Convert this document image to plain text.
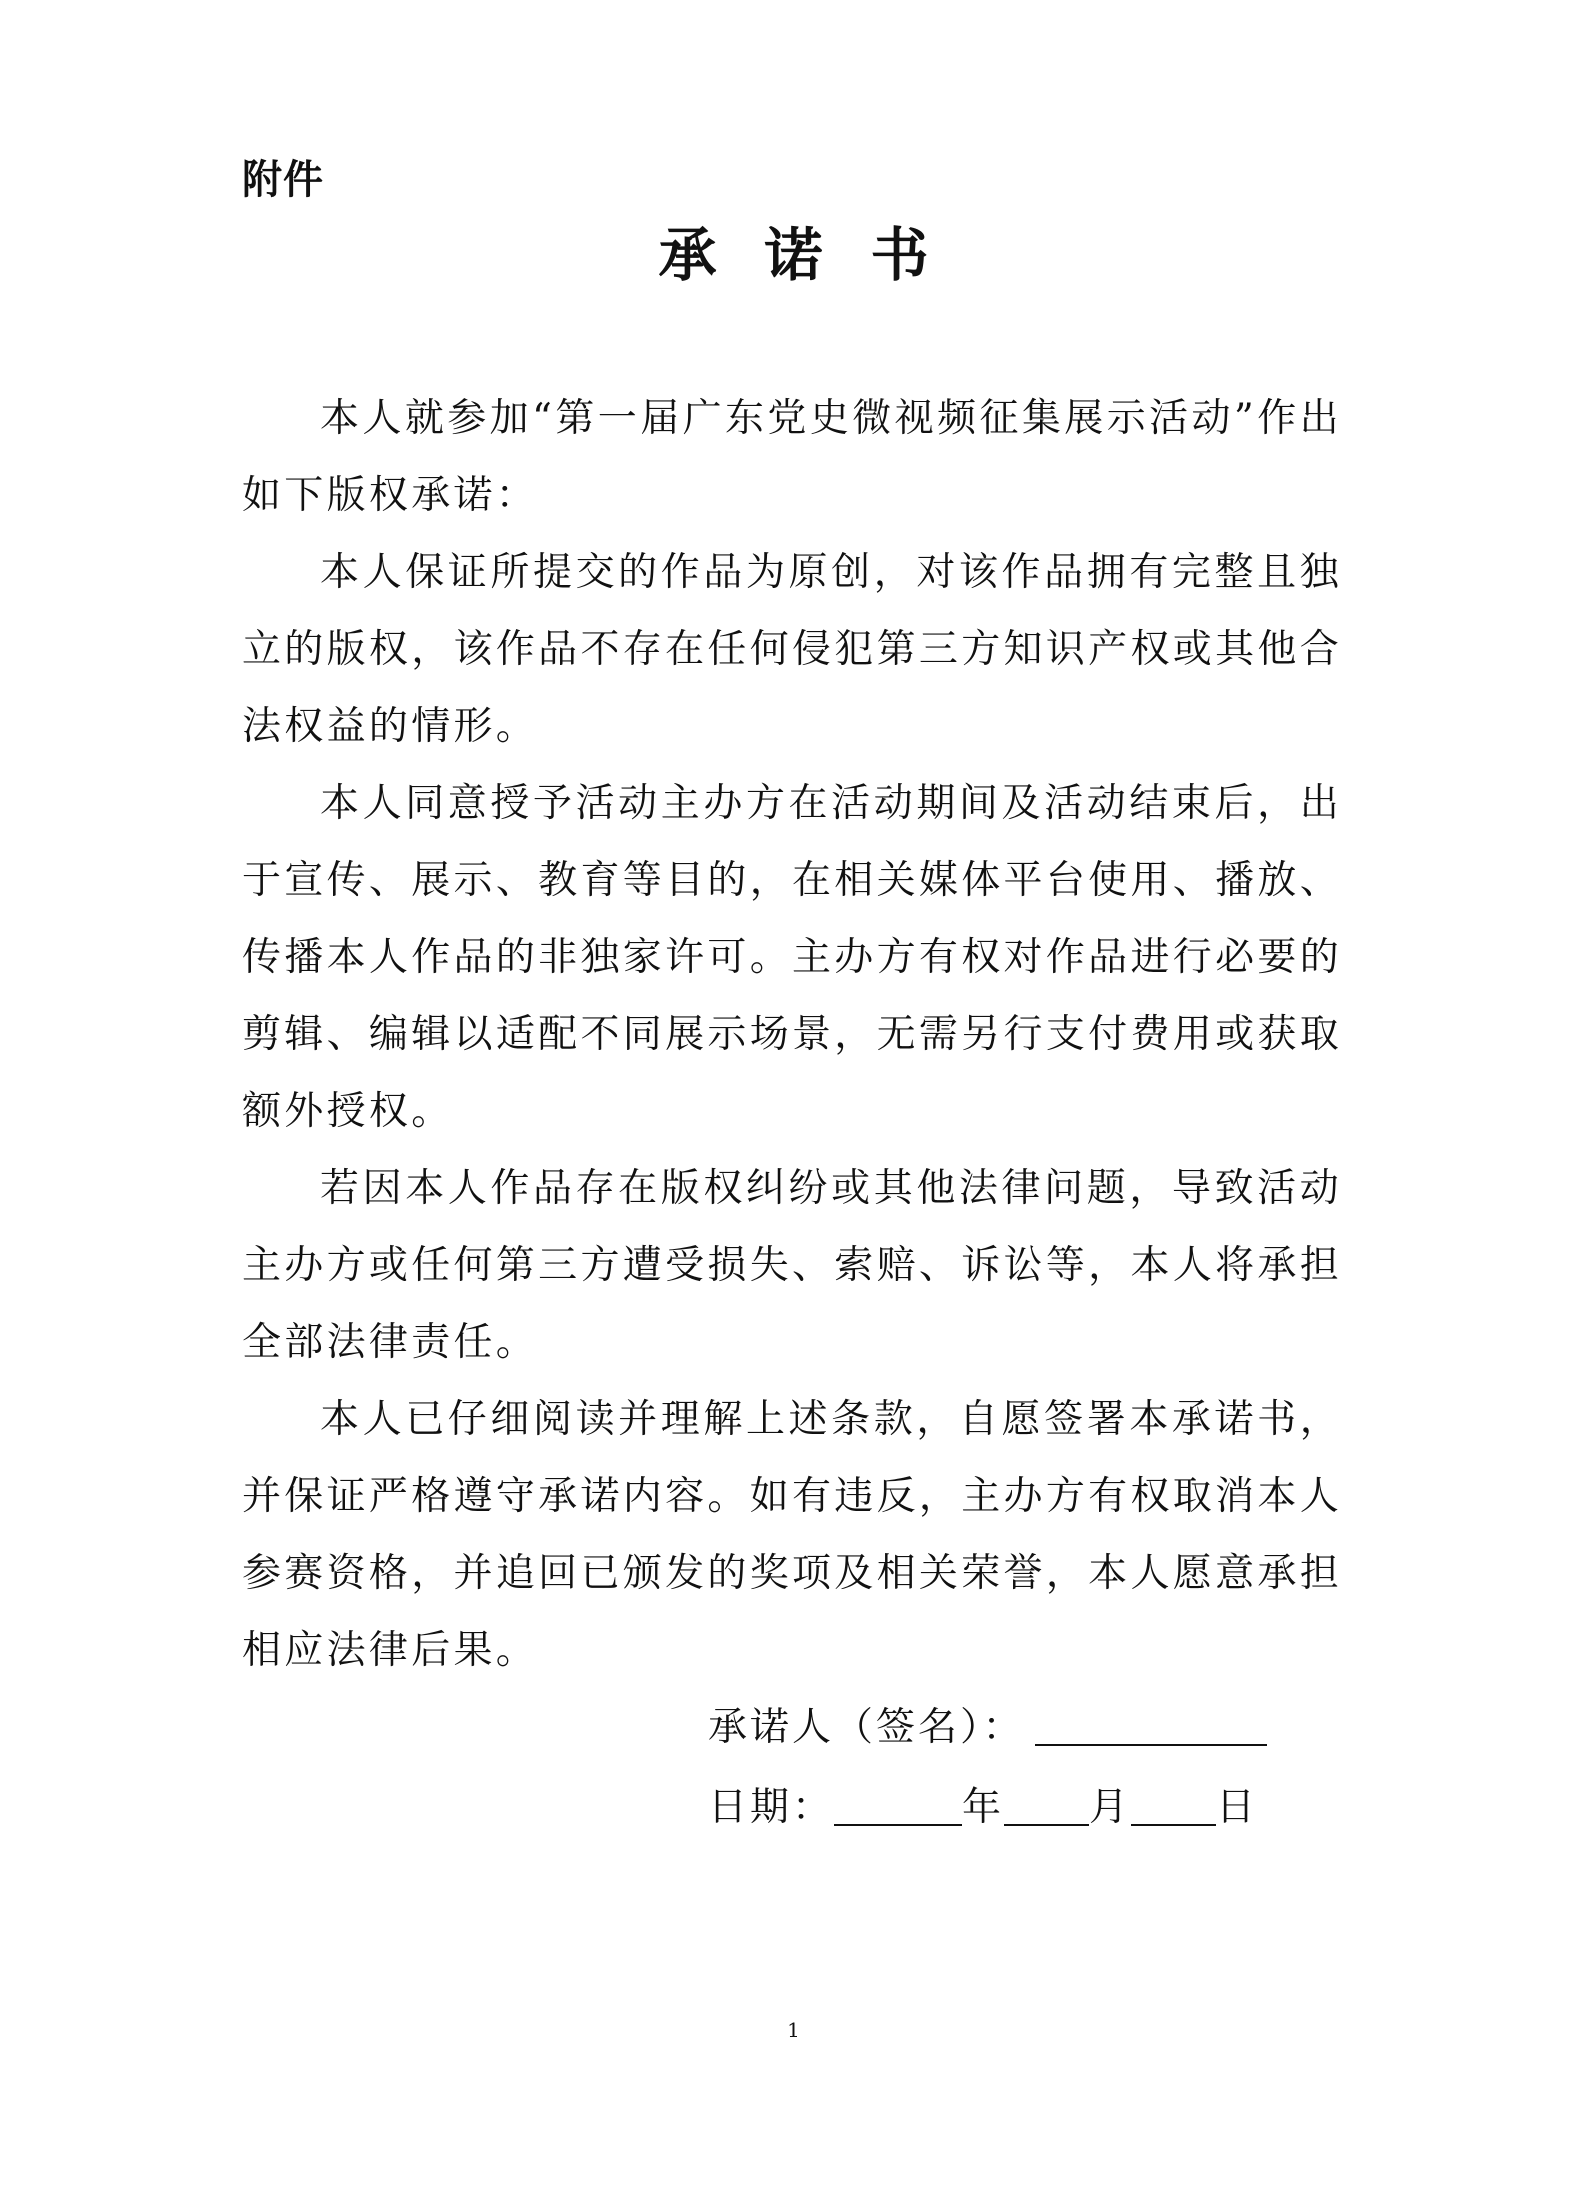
附件
承诺书

本人就参加“第一届广东党史微视频征集展示活动”作出如下版权承诺：

本人保证所提交的作品为原创，对该作品拥有完整且独立的版权，该作品不存在任何侵犯第三方知识产权或其他合法权益的情形。

本人同意授予活动主办方在活动期间及活动结束后，出于宣传、展示、教育等目的，在相关媒体平台使用、播放、传播本人作品的非独家许可。主办方有权对作品进行必要的剪辑、编辑以适配不同展示场景，无需另行支付费用或获取额外授权。

若因本人作品存在版权纠纷或其他法律问题，导致活动主办方或任何第三方遭受损失、索赔、诉讼等，本人将承担全部法律责任。

本人已仔细阅读并理解上述条款，自愿签署本承诺书，并保证严格遵守承诺内容。如有违反，主办方有权取消本人参赛资格，并追回已颁发的奖项及相关荣誉，本人愿意承担相应法律后果。

承诺人（签名）：
日期：	年 月 日
1
